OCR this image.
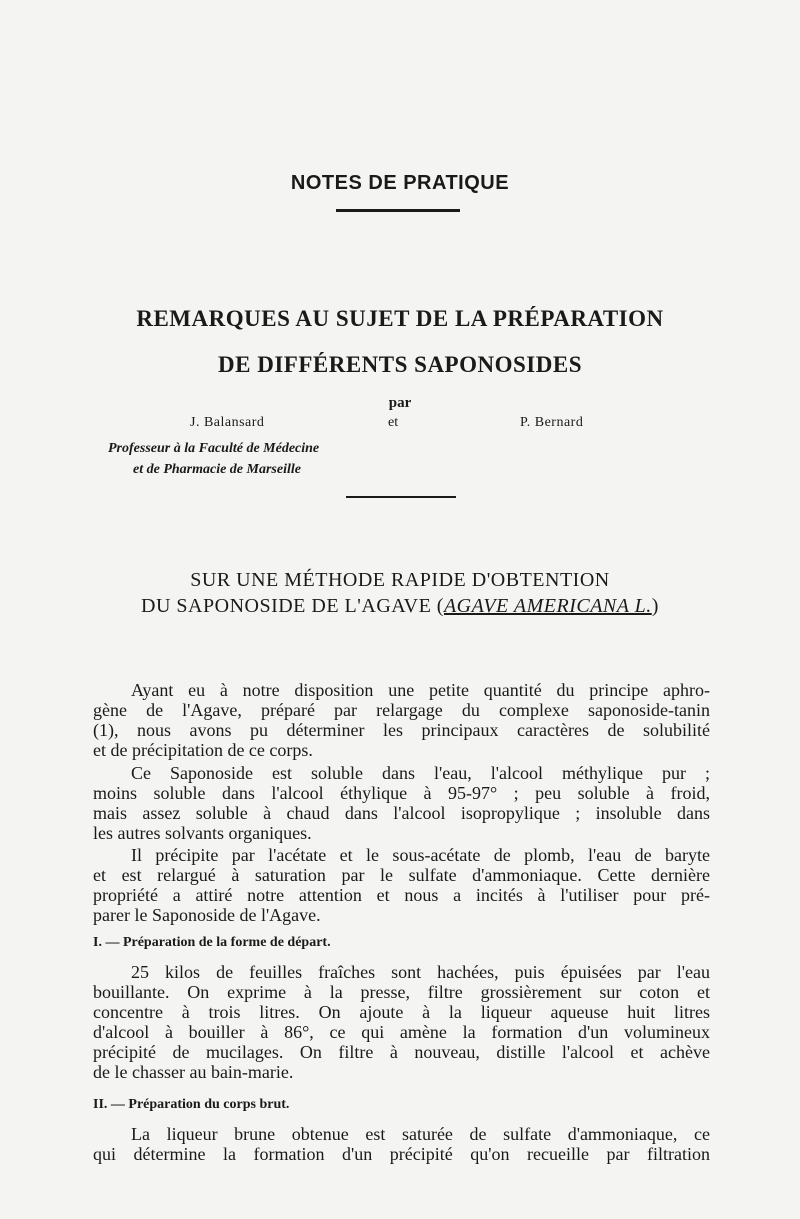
NOTES DE PRATIQUE
REMARQUES AU SUJET DE LA PRÉPARATION
DE DIFFÉRENTS SAPONOSIDES
par
J. Balansard	et	P. Bernard
Professeur à la Faculté de Médecine
et de Pharmacie de Marseille
SUR UNE MÉTHODE RAPIDE D'OBTENTION
DU SAPONOSIDE DE L'AGAVE (AGAVE AMERICANA L.)
Ayant eu à notre disposition une petite quantité du principe aphro-
gène de l'Agave, préparé par relargage du complexe saponoside-tanin
(1), nous avons pu déterminer les principaux caractères de solubilité
et de précipitation de ce corps.
Ce Saponoside est soluble dans l'eau, l'alcool méthylique pur ;
moins soluble dans l'alcool éthylique à 95-97° ; peu soluble à froid,
mais assez soluble à chaud dans l'alcool isopropylique ; insoluble dans
les autres solvants organiques.
Il précipite par l'acétate et le sous-acétate de plomb, l'eau de baryte
et est relargué à saturation par le sulfate d'ammoniaque. Cette dernière
propriété a attiré notre attention et nous a incités à l'utiliser pour pré-
parer le Saponoside de l'Agave.
I. — Préparation de la forme de départ.
25 kilos de feuilles fraîches sont hachées, puis épuisées par l'eau
bouillante. On exprime à la presse, filtre grossièrement sur coton et
concentre à trois litres. On ajoute à la liqueur aqueuse huit litres
d'alcool à bouiller à 86°, ce qui amène la formation d'un volumineux
précipité de mucilages. On filtre à nouveau, distille l'alcool et achève
de le chasser au bain-marie.
II. — Préparation du corps brut.
La liqueur brune obtenue est saturée de sulfate d'ammoniaque, ce
qui détermine la formation d'un précipité qu'on recueille par filtration
